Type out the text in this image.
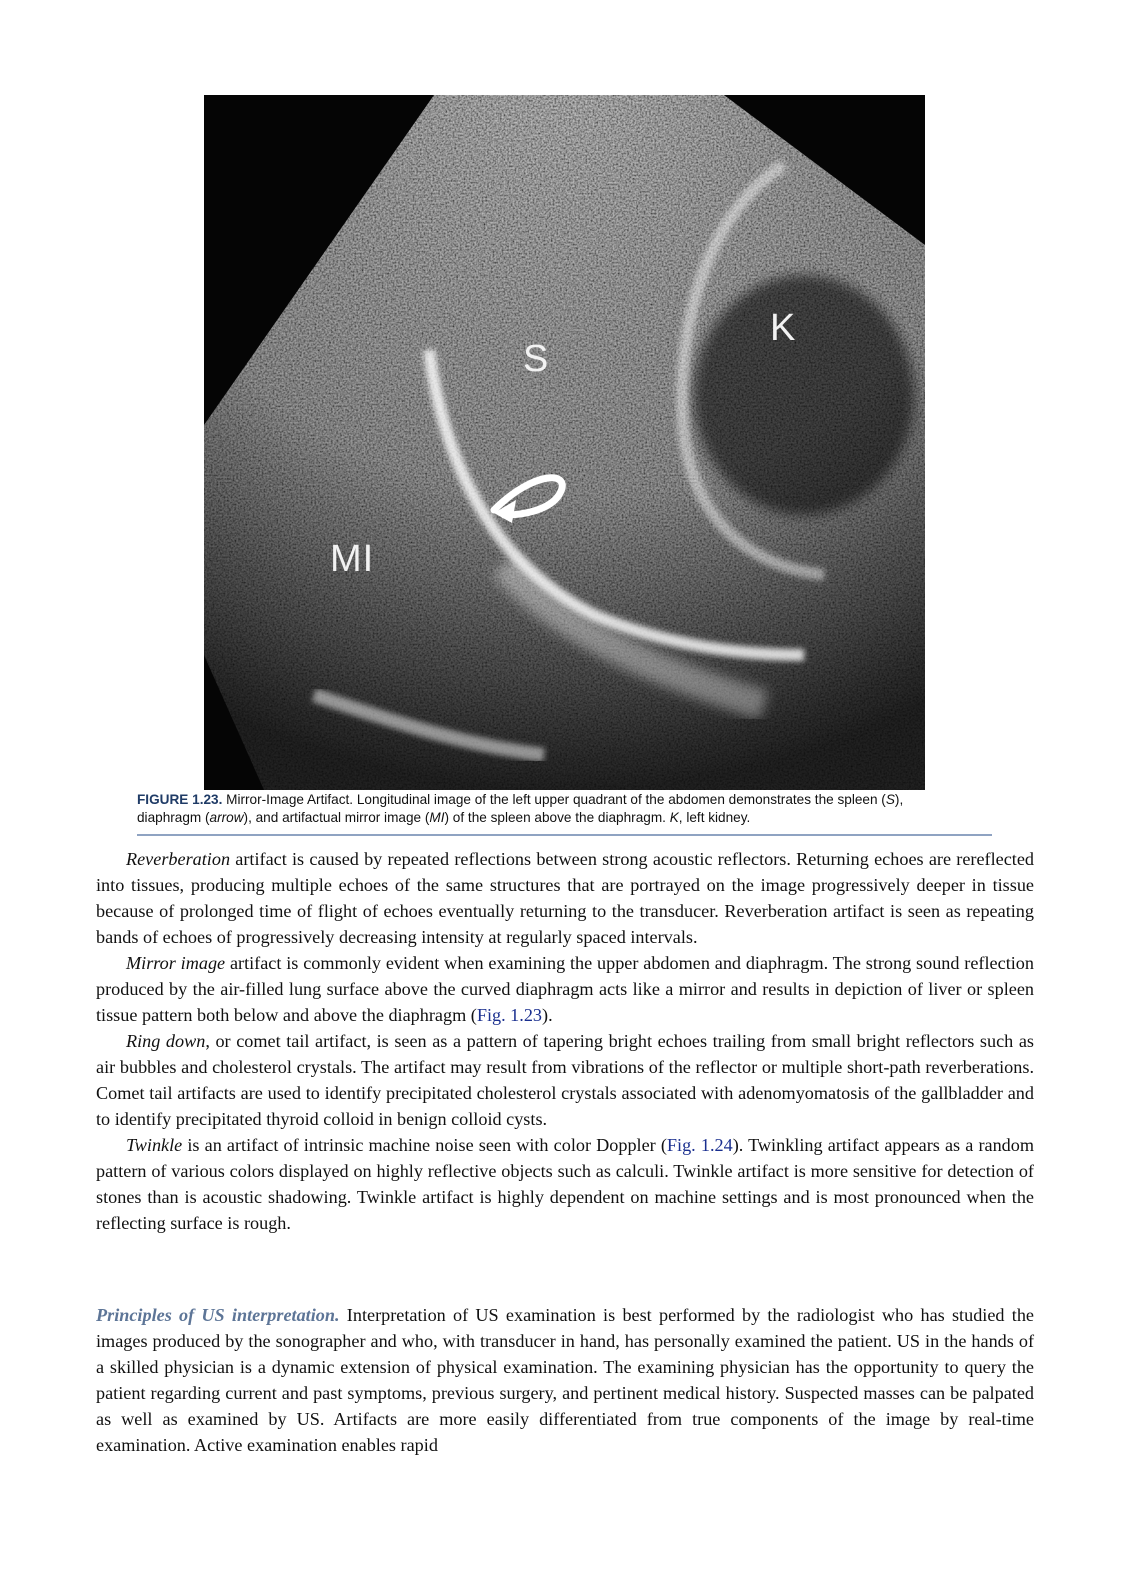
K
S
MI
FIGURE 1.23. Mirror-Image Artifact. Longitudinal image of the left upper quadrant of the abdomen demonstrates the spleen (S),
diaphragm (arrow), and artifactual mirror image (MI) of the spleen above the diaphragm. K, left kidney.

Reverberation artifact is caused by repeated reflections between strong acoustic reflectors. Returning echoes are rereflected into tissues, producing multiple echoes of the same structures that are portrayed on the image progressively deeper in tissue because of prolonged time of flight of echoes eventually returning to the transducer. Reverberation artifact is seen as repeating bands of echoes of progressively decreasing intensity at regularly spaced intervals.

Mirror image artifact is commonly evident when examining the upper abdomen and diaphragm. The strong sound reflection produced by the air-filled lung surface above the curved diaphragm acts like a mirror and results in depiction of liver or spleen tissue pattern both below and above the diaphragm (Fig. 1.23).

Ring down, or comet tail artifact, is seen as a pattern of tapering bright echoes trailing from small bright reflectors such as air bubbles and cholesterol crystals. The artifact may result from vibrations of the reflector or multiple short-path reverberations. Comet tail artifacts are used to identify precipitated cholesterol crystals associated with adenomyomatosis of the gallbladder and to identify precipitated thyroid colloid in benign colloid cysts.

Twinkle is an artifact of intrinsic machine noise seen with color Doppler (Fig. 1.24). Twinkling artifact appears as a random pattern of various colors displayed on highly reflective objects such as calculi. Twinkle artifact is more sensitive for detection of stones than is acoustic shadowing. Twinkle artifact is highly dependent on machine settings and is most pronounced when the reflecting surface is rough.

Principles of US interpretation. Interpretation of US examination is best performed by the radiologist who has studied the images produced by the sonographer and who, with transducer in hand, has personally examined the patient. US in the hands of a skilled physician is a dynamic extension of physical examination. The examining physician has the opportunity to query the patient regarding current and past symptoms, previous surgery, and pertinent medical history. Suspected masses can be palpated as well as examined by US. Artifacts are more easily differentiated from true components of the image by real-time examination. Active examination enables rapid
